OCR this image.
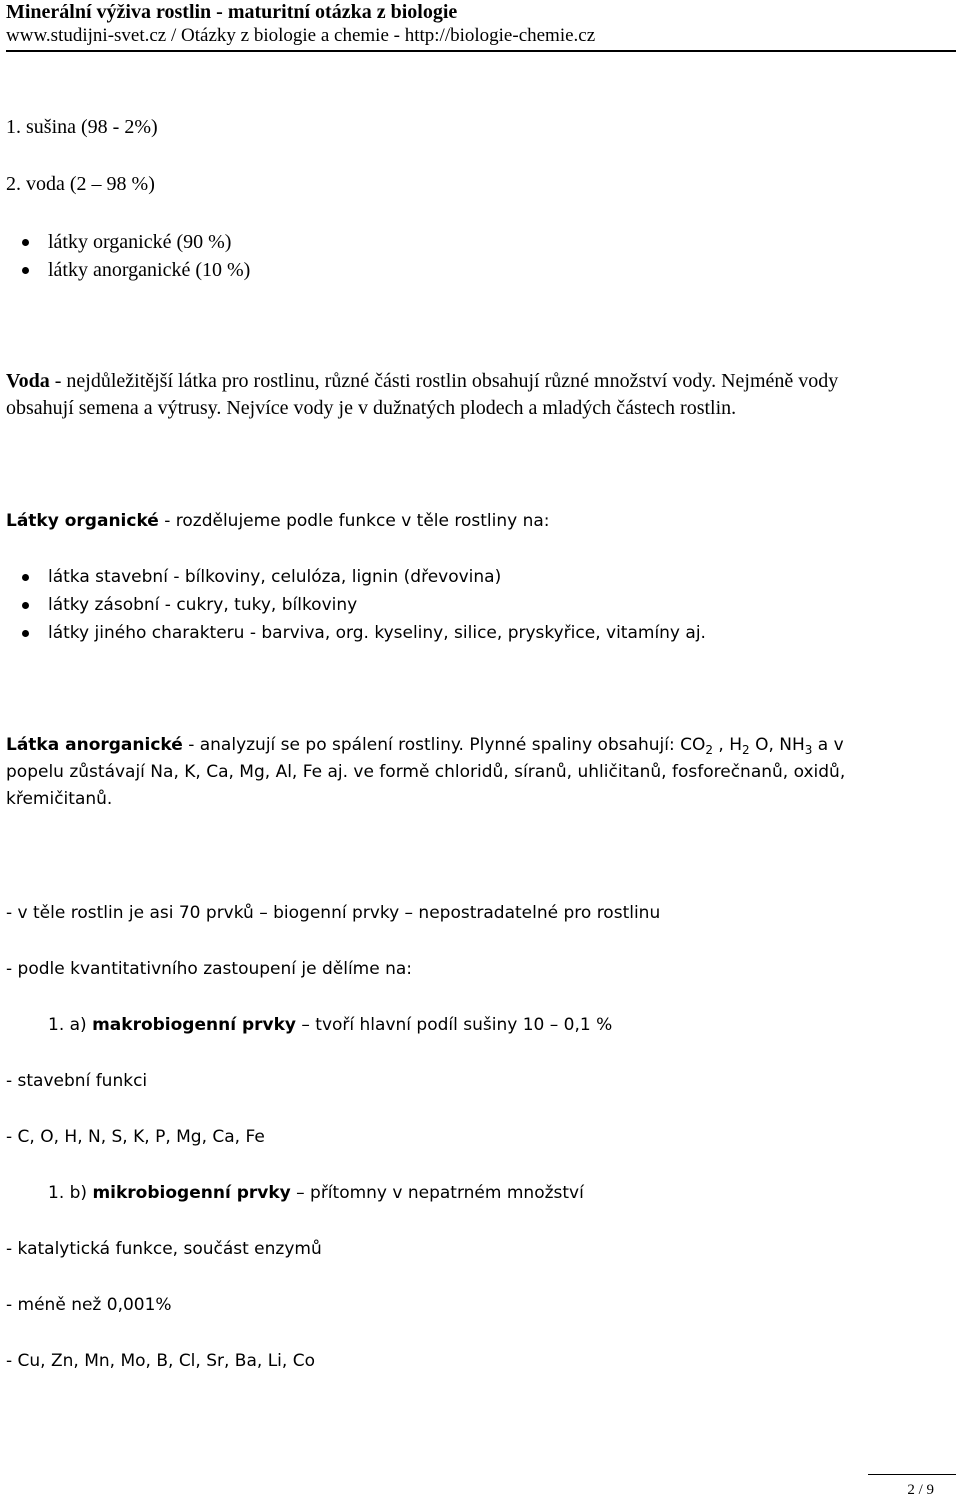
Minerální výživa rostlin - maturitní otázka z biologie
www.studijni-svet.cz / Otázky z biologie a chemie - http://biologie-chemie.cz
1. sušina (98 - 2%)
2. voda (2 – 98 %)
látky organické (90 %)
látky anorganické (10 %)
Voda - nejdůležitější látka pro rostlinu, různé části rostlin obsahují různé množství vody. Nejméně vody
obsahují semena a výtrusy. Nejvíce vody je v dužnatých plodech a mladých částech rostlin.
Látky organické - rozdělujeme podle funkce v těle rostliny na:
látka stavební - bílkoviny, celulóza, lignin (dřevovina)
látky zásobní - cukry, tuky, bílkoviny
látky jiného charakteru - barviva, org. kyseliny, silice, pryskyřice, vitamíny aj.
Látka anorganické - analyzují se po spálení rostliny. Plynné spaliny obsahují: $CO_2$ , $H_2$ O, $NH_3$ a v
popelu zůstávají Na, K, Ca, Mg, Al, Fe aj. ve formě chloridů, síranů, uhličitanů, fosforečnanů, oxidů,
křemičitanů.
- v těle rostlin je asi 70 prvků – biogenní prvky – nepostradatelné pro rostlinu
- podle kvantitativního zastoupení je dělíme na:
1. a) makrobiogenní prvky – tvoří hlavní podíl sušiny 10 – 0,1 %
- stavební funkci
- C, O, H, N, S, K, P, Mg, Ca, Fe
1. b) mikrobiogenní prvky – přítomny v nepatrném množství
- katalytická funkce, součást enzymů
- méně než 0,001%
- Cu, Zn, Mn, Mo, B, Cl, Sr, Ba, Li, Co
2 / 9
